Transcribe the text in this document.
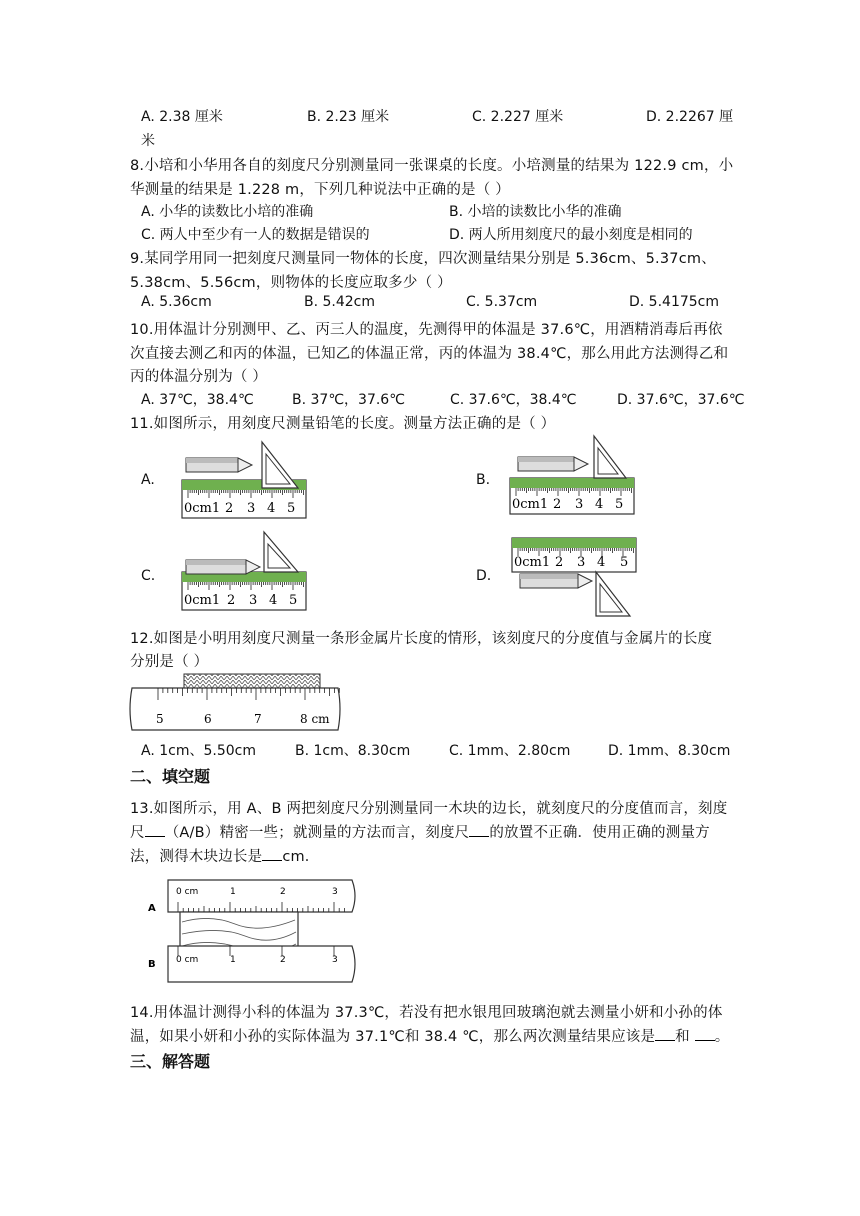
A. 2.38 厘米	B. 2.23 厘米	C. 2.227 厘米	D. 2.2267 厘
米
8.小培和小华用各自的刻度尺分别测量同一张课桌的长度。小培测量的结果为 122.9 cm，小
华测量的结果是 1.228 m，下列几种说法中正确的是（ ）
A. 小华的读数比小培的准确	B. 小培的读数比小华的准确
C. 两人中至少有一人的数据是错误的	D. 两人所用刻度尺的最小刻度是相同的
9.某同学用同一把刻度尺测量同一物体的长度，四次测量结果分别是 5.36cm、5.37cm、
5.38cm、5.56cm，则物体的长度应取多少（ ）
A. 5.36cm	B. 5.42cm	C. 5.37cm	D. 5.4175cm
10.用体温计分别测甲、乙、丙三人的温度，先测得甲的体温是 37.6℃，用酒精消毒后再依
次直接去测乙和丙的体温，已知乙的体温正常，丙的体温为 38.4℃，那么用此方法测得乙和
丙的体温分别为（ ）
A. 37℃，38.4℃	B. 37℃，37.6℃	C. 37.6℃，38.4℃	D. 37.6℃，37.6℃
11.如图所示，用刻度尺测量铅笔的长度。测量方法正确的是（ ）
A.	B.
C.	D.
0cm1 2 3 4 5	0cm1 2 3 4 5
0cm1 2 3 4 5
0cm1 2 3 4 5
12.如图是小明用刻度尺测量一条形金属片长度的情形，该刻度尺的分度值与金属片的长度
分别是（ ）
5	6	7	8 cm
A. 1cm、5.50cm	B. 1cm、8.30cm	C. 1mm、2.80cm	D. 1mm、8.30cm
二、填空题
13.如图所示，用 A、B 两把刻度尺分别测量同一木块的边长，就刻度尺的分度值而言，刻度
尺 （A/B）精密一些；就测量的方法而言，刻度尺 的放置不正确．使用正确的测量方
法，测得木块边长是 cm．
A
B
0 cm	1	2	3
0 cm	1	2	3
14.用体温计测得小科的体温为 37.3℃，若没有把水银甩回玻璃泡就去测量小妍和小孙的体
温，如果小妍和小孙的实际体温为 37.1℃和 38.4 ℃，那么两次测量结果应该是 和 。
三、解答题
